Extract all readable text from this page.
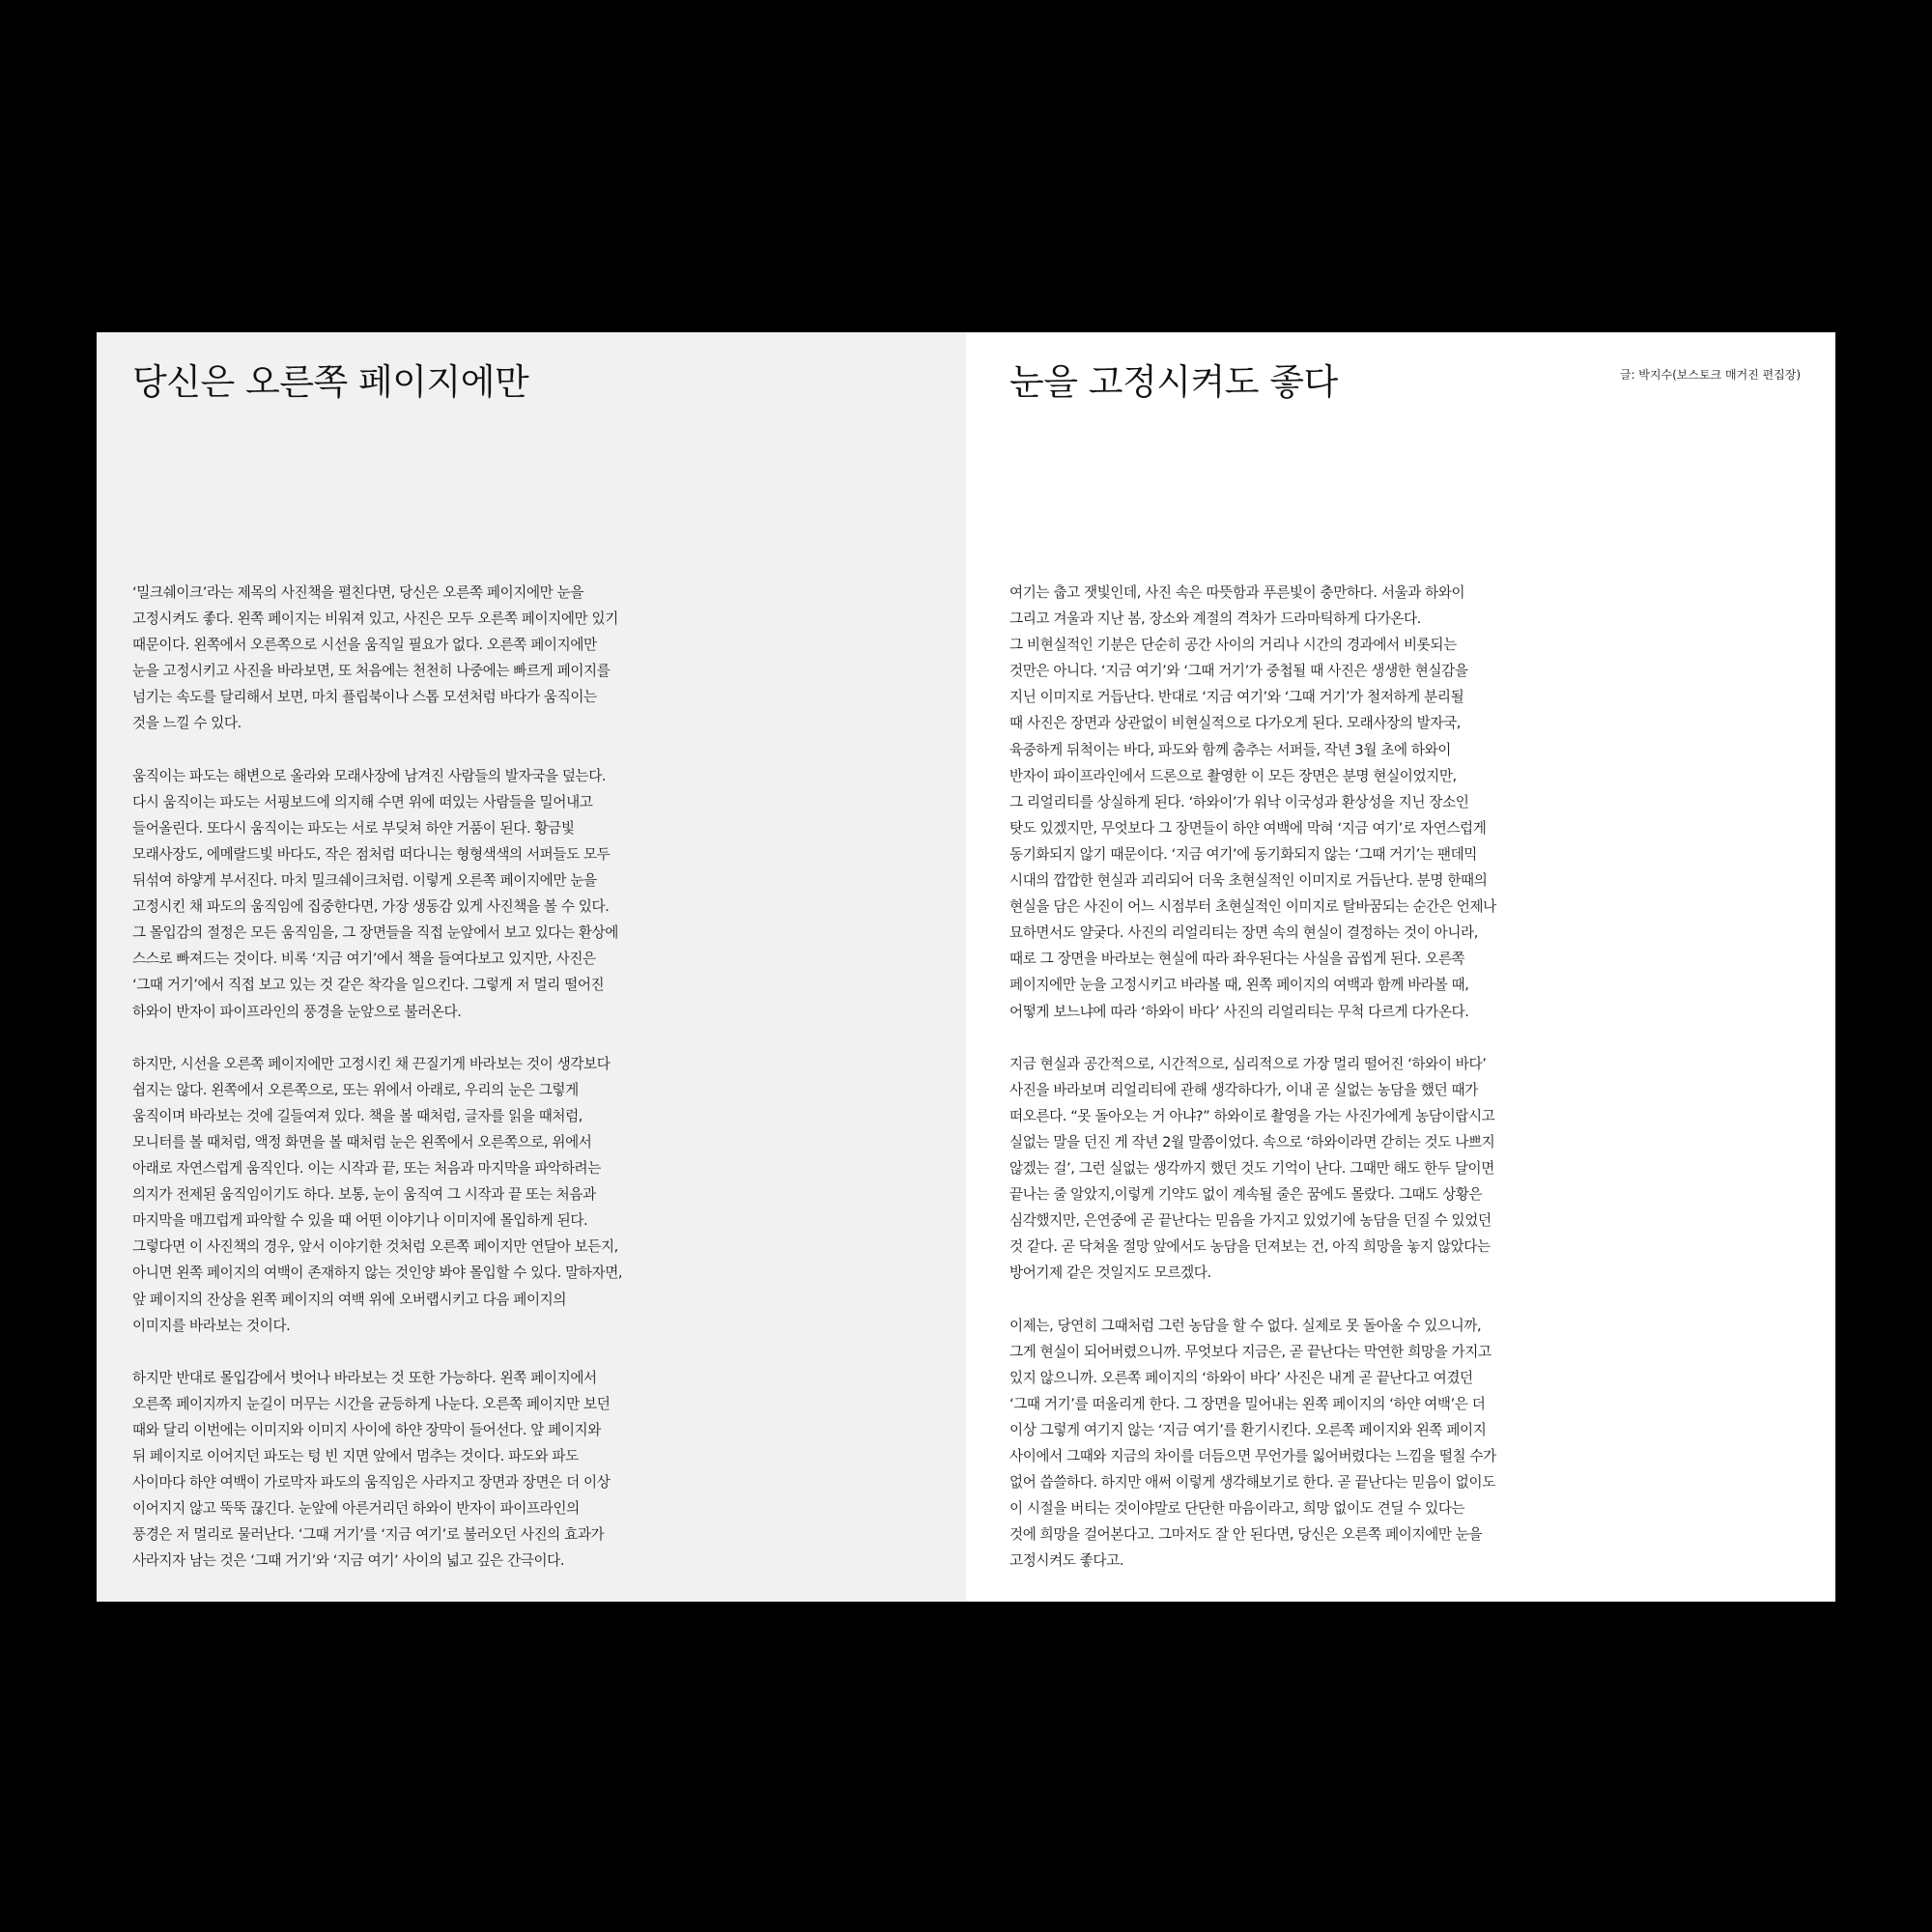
당신은 오른쪽 페이지에만

‘밀크쉐이크’라는 제목의 사진책을 펼친다면, 당신은 오른쪽 페이지에만 눈을
고정시켜도 좋다. 왼쪽 페이지는 비워져 있고, 사진은 모두 오른쪽 페이지에만 있기
때문이다. 왼쪽에서 오른쪽으로 시선을 움직일 필요가 없다. 오른쪽 페이지에만
눈을 고정시키고 사진을 바라보면, 또 처음에는 천천히 나중에는 빠르게 페이지를
넘기는 속도를 달리해서 보면, 마치 플립북이나 스톱 모션처럼 바다가 움직이는
것을 느낄 수 있다.

움직이는 파도는 해변으로 올라와 모래사장에 남겨진 사람들의 발자국을 덮는다.
다시 움직이는 파도는 서핑보드에 의지해 수면 위에 떠있는 사람들을 밀어내고
들어올린다. 또다시 움직이는 파도는 서로 부딪쳐 하얀 거품이 된다. 황금빛
모래사장도, 에메랄드빛 바다도, 작은 점처럼 떠다니는 형형색색의 서퍼들도 모두
뒤섞여 하얗게 부서진다. 마치 밀크쉐이크처럼. 이렇게 오른쪽 페이지에만 눈을
고정시킨 채 파도의 움직임에 집중한다면, 가장 생동감 있게 사진책을 볼 수 있다.
그 몰입감의 절정은 모든 움직임을, 그 장면들을 직접 눈앞에서 보고 있다는 환상에
스스로 빠져드는 것이다. 비록 ‘지금 여기’에서 책을 들여다보고 있지만, 사진은
‘그때 거기’에서 직접 보고 있는 것 같은 착각을 일으킨다. 그렇게 저 멀리 떨어진
하와이 반자이 파이프라인의 풍경을 눈앞으로 불러온다.

하지만, 시선을 오른쪽 페이지에만 고정시킨 채 끈질기게 바라보는 것이 생각보다
쉽지는 않다. 왼쪽에서 오른쪽으로, 또는 위에서 아래로, 우리의 눈은 그렇게
움직이며 바라보는 것에 길들여져 있다. 책을 볼 때처럼, 글자를 읽을 때처럼,
모니터를 볼 때처럼, 액정 화면을 볼 때처럼 눈은 왼쪽에서 오른쪽으로, 위에서
아래로 자연스럽게 움직인다. 이는 시작과 끝, 또는 처음과 마지막을 파악하려는
의지가 전제된 움직임이기도 하다. 보통, 눈이 움직여 그 시작과 끝 또는 처음과
마지막을 매끄럽게 파악할 수 있을 때 어떤 이야기나 이미지에 몰입하게 된다.
그렇다면 이 사진책의 경우, 앞서 이야기한 것처럼 오른쪽 페이지만 연달아 보든지,
아니면 왼쪽 페이지의 여백이 존재하지 않는 것인양 봐야 몰입할 수 있다. 말하자면,
앞 페이지의 잔상을 왼쪽 페이지의 여백 위에 오버랩시키고 다음 페이지의
이미지를 바라보는 것이다.

하지만 반대로 몰입감에서 벗어나 바라보는 것 또한 가능하다. 왼쪽 페이지에서
오른쪽 페이지까지 눈길이 머무는 시간을 균등하게 나눈다. 오른쪽 페이지만 보던
때와 달리 이번에는 이미지와 이미지 사이에 하얀 장막이 들어선다. 앞 페이지와
뒤 페이지로 이어지던 파도는 텅 빈 지면 앞에서 멈추는 것이다. 파도와 파도
사이마다 하얀 여백이 가로막자 파도의 움직임은 사라지고 장면과 장면은 더 이상
이어지지 않고 뚝뚝 끊긴다. 눈앞에 아른거리던 하와이 반자이 파이프라인의
풍경은 저 멀리로 물러난다. ‘그때 거기’를 ‘지금 여기’로 불러오던 사진의 효과가
사라지자 남는 것은 ‘그때 거기’와 ‘지금 여기’ 사이의 넓고 깊은 간극이다.

눈을 고정시켜도 좋다	글: 박지수(보스토크 매거진 편집장)

여기는 춥고 잿빛인데, 사진 속은 따뜻함과 푸른빛이 충만하다. 서울과 하와이
그리고 겨울과 지난 봄, 장소와 계절의 격차가 드라마틱하게 다가온다.
그 비현실적인 기분은 단순히 공간 사이의 거리나 시간의 경과에서 비롯되는
것만은 아니다. ‘지금 여기’와 ‘그때 거기’가 중첩될 때 사진은 생생한 현실감을
지닌 이미지로 거듭난다. 반대로 ‘지금 여기’와 ‘그때 거기’가 철저하게 분리될
때 사진은 장면과 상관없이 비현실적으로 다가오게 된다. 모래사장의 발자국,
육중하게 뒤척이는 바다, 파도와 함께 춤추는 서퍼들, 작년 3월 초에 하와이
반자이 파이프라인에서 드론으로 촬영한 이 모든 장면은 분명 현실이었지만,
그 리얼리티를 상실하게 된다. ‘하와이’가 워낙 이국성과 환상성을 지닌 장소인
탓도 있겠지만, 무엇보다 그 장면들이 하얀 여백에 막혀 ‘지금 여기’로 자연스럽게
동기화되지 않기 때문이다. ‘지금 여기’에 동기화되지 않는 ‘그때 거기’는 팬데믹
시대의 깝깝한 현실과 괴리되어 더욱 초현실적인 이미지로 거듭난다. 분명 한때의
현실을 담은 사진이 어느 시점부터 초현실적인 이미지로 탈바꿈되는 순간은 언제나
묘하면서도 얄궂다. 사진의 리얼리티는 장면 속의 현실이 결정하는 것이 아니라,
때로 그 장면을 바라보는 현실에 따라 좌우된다는 사실을 곱씹게 된다. 오른쪽
페이지에만 눈을 고정시키고 바라볼 때, 왼쪽 페이지의 여백과 함께 바라볼 때,
어떻게 보느냐에 따라 ‘하와이 바다’ 사진의 리얼리티는 무척 다르게 다가온다.

지금 현실과 공간적으로, 시간적으로, 심리적으로 가장 멀리 떨어진 ‘하와이 바다’
사진을 바라보며 리얼리티에 관해 생각하다가, 이내 곧 실없는 농담을 했던 때가
떠오른다. “못 돌아오는 거 아냐?” 하와이로 촬영을 가는 사진가에게 농담이랍시고
실없는 말을 던진 게 작년 2월 말쯤이었다. 속으로 ‘하와이라면 갇히는 것도 나쁘지
않겠는 걸’, 그런 실없는 생각까지 했던 것도 기억이 난다. 그때만 해도 한두 달이면
끝나는 줄 알았지,이렇게 기약도 없이 계속될 줄은 꿈에도 몰랐다. 그때도 상황은
심각했지만, 은연중에 곧 끝난다는 믿음을 가지고 있었기에 농담을 던질 수 있었던
것 같다. 곧 닥쳐올 절망 앞에서도 농담을 던져보는 건, 아직 희망을 놓지 않았다는
방어기제 같은 것일지도 모르겠다.

이제는, 당연히 그때처럼 그런 농담을 할 수 없다. 실제로 못 돌아올 수 있으니까,
그게 현실이 되어버렸으니까. 무엇보다 지금은, 곧 끝난다는 막연한 희망을 가지고
있지 않으니까. 오른쪽 페이지의 ‘하와이 바다’ 사진은 내게 곧 끝난다고 여겼던
‘그때 거기’를 떠올리게 한다. 그 장면을 밀어내는 왼쪽 페이지의 ‘하얀 여백’은 더
이상 그렇게 여기지 않는 ‘지금 여기’를 환기시킨다. 오른쪽 페이지와 왼쪽 페이지
사이에서 그때와 지금의 차이를 더듬으면 무언가를 잃어버렸다는 느낌을 떨칠 수가
없어 씁쓸하다. 하지만 애써 이렇게 생각해보기로 한다. 곧 끝난다는 믿음이 없이도
이 시절을 버티는 것이야말로 단단한 마음이라고, 희망 없이도 견딜 수 있다는
것에 희망을 걸어본다고. 그마저도 잘 안 된다면, 당신은 오른쪽 페이지에만 눈을
고정시켜도 좋다고.
